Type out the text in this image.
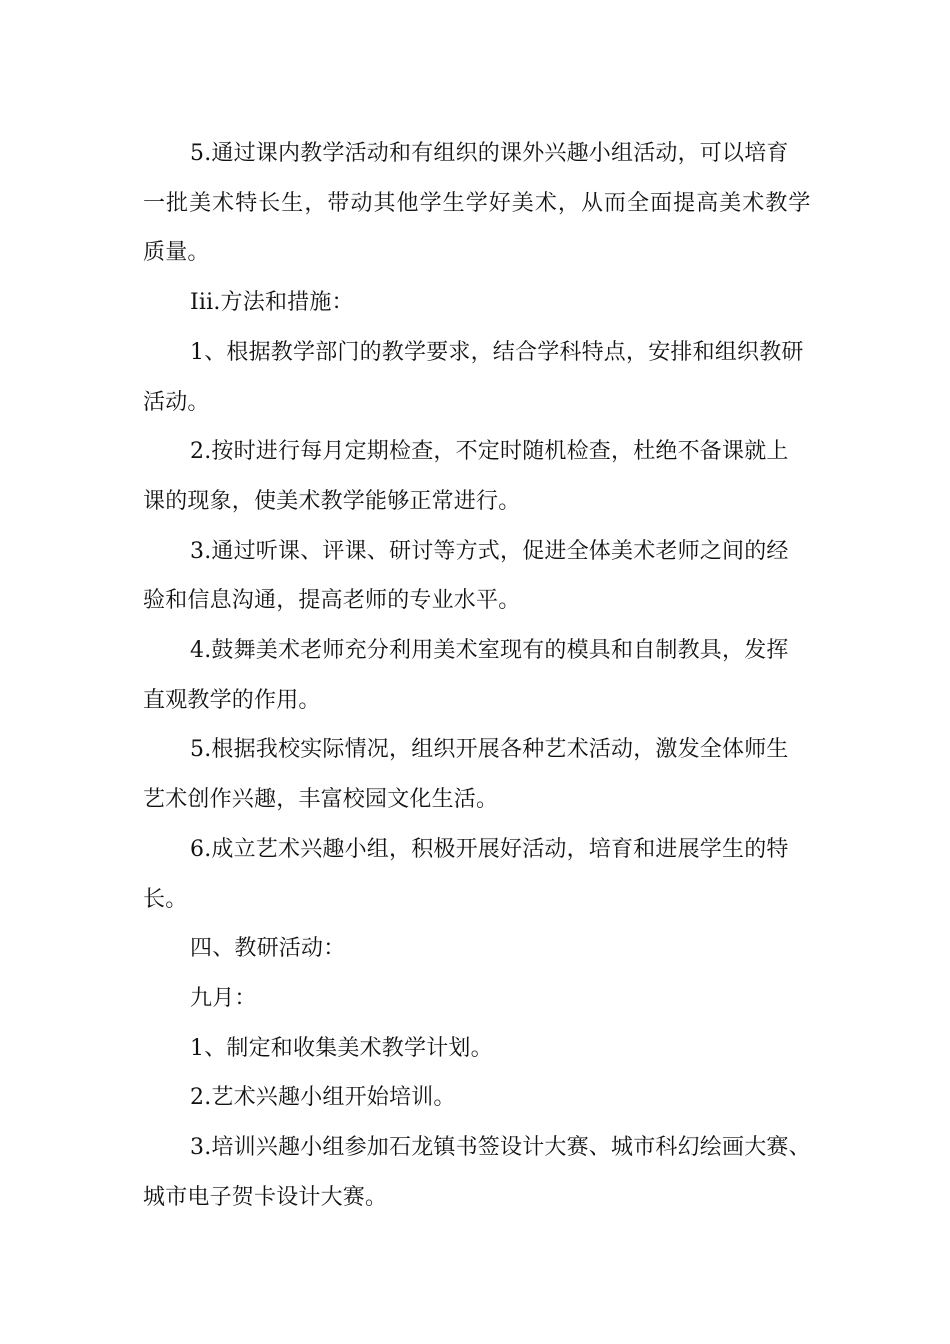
5.通过课内教学活动和有组织的课外兴趣小组活动，可以培育
一批美术特长生，带动其他学生学好美术，从而全面提高美术教学
质量。

Iii.方法和措施：

1、根据教学部门的教学要求，结合学科特点，安排和组织教研
活动。

2.按时进行每月定期检查，不定时随机检查，杜绝不备课就上
课的现象，使美术教学能够正常进行。

3.通过听课、评课、研讨等方式，促进全体美术老师之间的经
验和信息沟通，提高老师的专业水平。

4.鼓舞美术老师充分利用美术室现有的模具和自制教具，发挥
直观教学的作用。

5.根据我校实际情况，组织开展各种艺术活动，激发全体师生
艺术创作兴趣，丰富校园文化生活。

6.成立艺术兴趣小组，积极开展好活动，培育和进展学生的特
长。

四、教研活动：

九月：

1、制定和收集美术教学计划。

2.艺术兴趣小组开始培训。

3.培训兴趣小组参加石龙镇书签设计大赛、城市科幻绘画大赛、
城市电子贺卡设计大赛。
